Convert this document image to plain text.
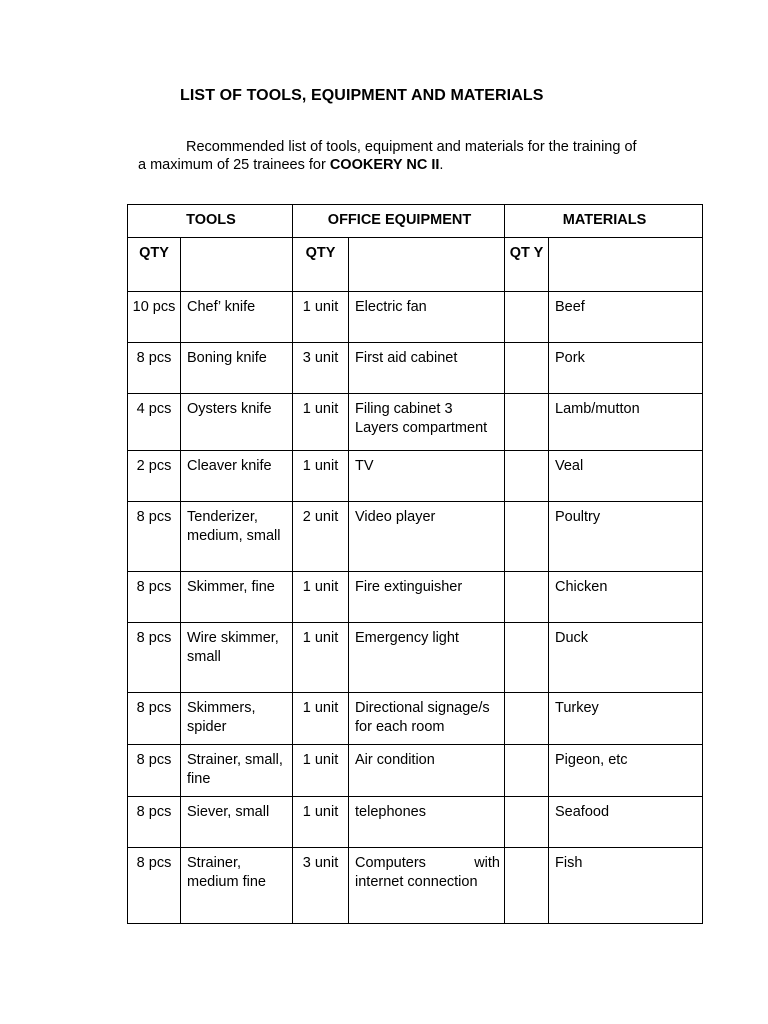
LIST OF TOOLS, EQUIPMENT AND MATERIALS
Recommended list of tools, equipment and materials for the training of
a maximum of 25 trainees for COOKERY NC II.
TOOLS		OFFICE EQUIPMENT		MATERIALS	
QTY		QTY		QT Y	
10 pcs	Chef’ knife	1 unit	Electric fan		Beef
8 pcs	Boning knife	3 unit	First aid cabinet		Pork
4 pcs	Oysters knife	1 unit	Filing cabinet 3 Layers compartment		Lamb/mutton
2 pcs	Cleaver knife	1 unit	TV		Veal
8 pcs	Tenderizer, medium, small	2 unit	Video player		Poultry
8 pcs	Skimmer, fine	1 unit	Fire extinguisher		Chicken
8 pcs	Wire skimmer, small	1 unit	Emergency light		Duck
8 pcs	Skimmers, spider	1 unit	Directional signage/s for each room		Turkey
8 pcs	Strainer, small, fine	1 unit	Air condition		Pigeon, etc
8 pcs	Siever, small	1 unit	telephones		Seafood
8 pcs	Strainer, medium fine	3 unit	Computers with internet connection		Fish
